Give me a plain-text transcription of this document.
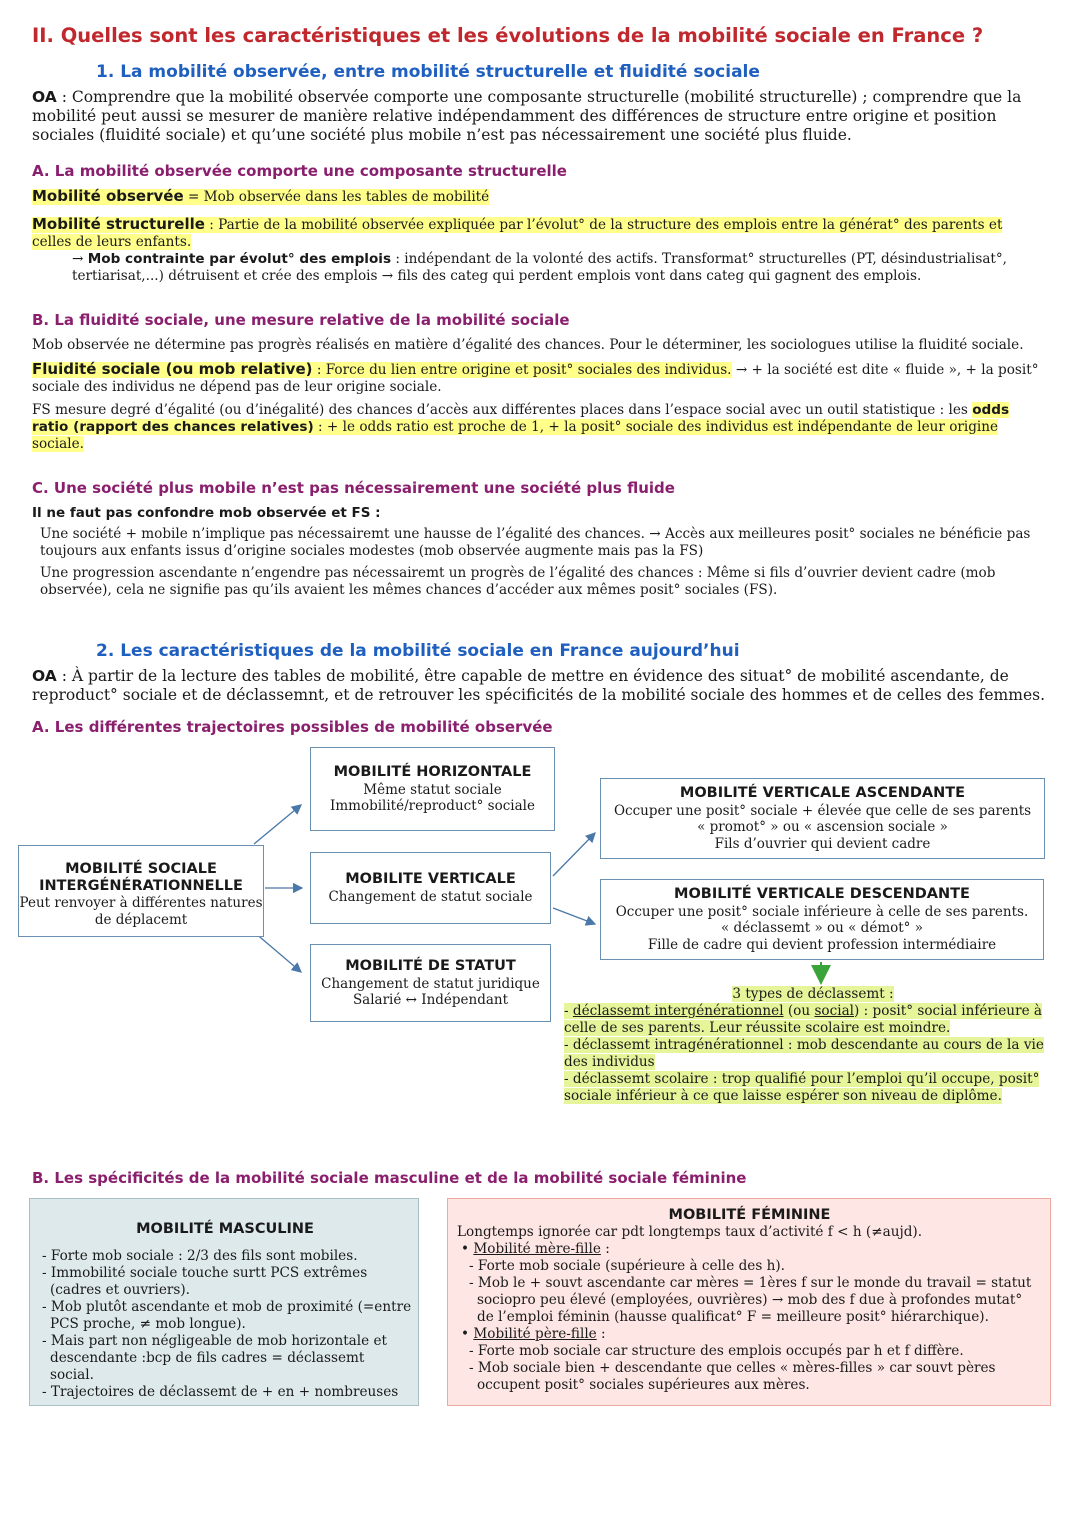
II. Quelles sont les caractéristiques et les évolutions de la mobilité sociale en France ?
1. La mobilité observée, entre mobilité structurelle et fluidité sociale
OA : Comprendre que la mobilité observée comporte une composante structurelle (mobilité structurelle) ; comprendre que la mobilité peut aussi se mesurer de manière relative indépendamment des différences de structure entre origine et position sociales (fluidité sociale) et qu’une société plus mobile n’est pas nécessairement une société plus fluide.
A. La mobilité observée comporte une composante structurelle
Mobilité observée = Mob observée dans les tables de mobilité
Mobilité structurelle : Partie de la mobilité observée expliquée par l’évolut° de la structure des emplois entre la générat° des parents et celles de leurs enfants.
→ Mob contrainte par évolut° des emplois : indépendant de la volonté des actifs. Transformat° structurelles (PT, désindustrialisat°, tertiarisat,...) détruisent et crée des emplois → fils des categ qui perdent emplois vont dans categ qui gagnent des emplois.
B. La fluidité sociale, une mesure relative de la mobilité sociale
Mob observée ne détermine pas progrès réalisés en matière d’égalité des chances. Pour le déterminer, les sociologues utilise la fluidité sociale.
Fluidité sociale (ou mob relative) : Force du lien entre origine et posit° sociales des individus. → + la société est dite « fluide », + la posit° sociale des individus ne dépend pas de leur origine sociale.
FS mesure degré d’égalité (ou d’inégalité) des chances d’accès aux différentes places dans l’espace social avec un outil statistique : les odds ratio (rapport des chances relatives) : + le odds ratio est proche de 1, + la posit° sociale des individus est indépendante de leur origine sociale.
C. Une société plus mobile n’est pas nécessairement une société plus fluide
Il ne faut pas confondre mob observée et FS :
Une société + mobile n’implique pas nécessairemt une hausse de l’égalité des chances. → Accès aux meilleures posit° sociales ne bénéficie pas toujours aux enfants issus d’origine sociales modestes (mob observée augmente mais pas la FS)
Une progression ascendante n’engendre pas nécessairemt un progrès de l’égalité des chances : Même si fils d’ouvrier devient cadre (mob observée), cela ne signifie pas qu’ils avaient les mêmes chances d’accéder aux mêmes posit° sociales (FS).
2. Les caractéristiques de la mobilité sociale en France aujourd’hui
OA : À partir de la lecture des tables de mobilité, être capable de mettre en évidence des situat° de mobilité ascendante, de reproduct° sociale et de déclassemnt, et de retrouver les spécificités de la mobilité sociale des hommes et de celles des femmes.
A. Les différentes trajectoires possibles de mobilité observée
MOBILITÉ SOCIALE INTERGÉNÉRATIONNELLE
Peut renvoyer à différentes natures de déplacemt
MOBILITÉ HORIZONTALE
Même statut sociale
Immobilité/reproduct° sociale
MOBILITE VERTICALE
Changement de statut sociale
MOBILITÉ DE STATUT
Changement de statut juridique
Salarié ↔ Indépendant
MOBILITÉ VERTICALE ASCENDANTE
Occuper une posit° sociale + élevée que celle de ses parents
« promot° » ou « ascension sociale »
Fils d’ouvrier qui devient cadre
MOBILITÉ VERTICALE DESCENDANTE
Occuper une posit° sociale inférieure à celle de ses parents.
« déclassemt » ou « démot° »
Fille de cadre qui devient profession intermédiaire
3 types de déclassemt :
- déclassemt intergénérationnel (ou social) : posit° social inférieure à celle de ses parents. Leur réussite scolaire est moindre.
- déclassemt intragénérationnel : mob descendante au cours de la vie des individus
- déclassemt scolaire : trop qualifié pour l’emploi qu’il occupe, posit° sociale inférieur à ce que laisse espérer son niveau de diplôme.
B. Les spécificités de la mobilité sociale masculine et de la mobilité sociale féminine
MOBILITÉ MASCULINE
- Forte mob sociale : 2/3 des fils sont mobiles.
- Immobilité sociale touche surtt PCS extrêmes (cadres et ouvriers).
- Mob plutôt ascendante et mob de proximité (=entre PCS proche, ≠ mob longue).
- Mais part non négligeable de mob horizontale et descendante :bcp de fils cadres = déclassemt social.
- Trajectoires de déclassemt de + en + nombreuses
MOBILITÉ FÉMININE
Longtemps ignorée car pdt longtemps taux d’activité f < h (≠aujd).
• Mobilité mère-fille :
- Forte mob sociale (supérieure à celle des h).
- Mob le + souvt ascendante car mères = 1ères f sur le monde du travail = statut sociopro peu élevé (employées, ouvrières) → mob des f due à profondes mutat° de l’emploi féminin (hausse qualificat° F = meilleure posit° hiérarchique).
• Mobilité père-fille :
- Forte mob sociale car structure des emplois occupés par h et f diffère.
- Mob sociale bien + descendante que celles « mères-filles » car souvt pères occupent posit° sociales supérieures aux mères.
